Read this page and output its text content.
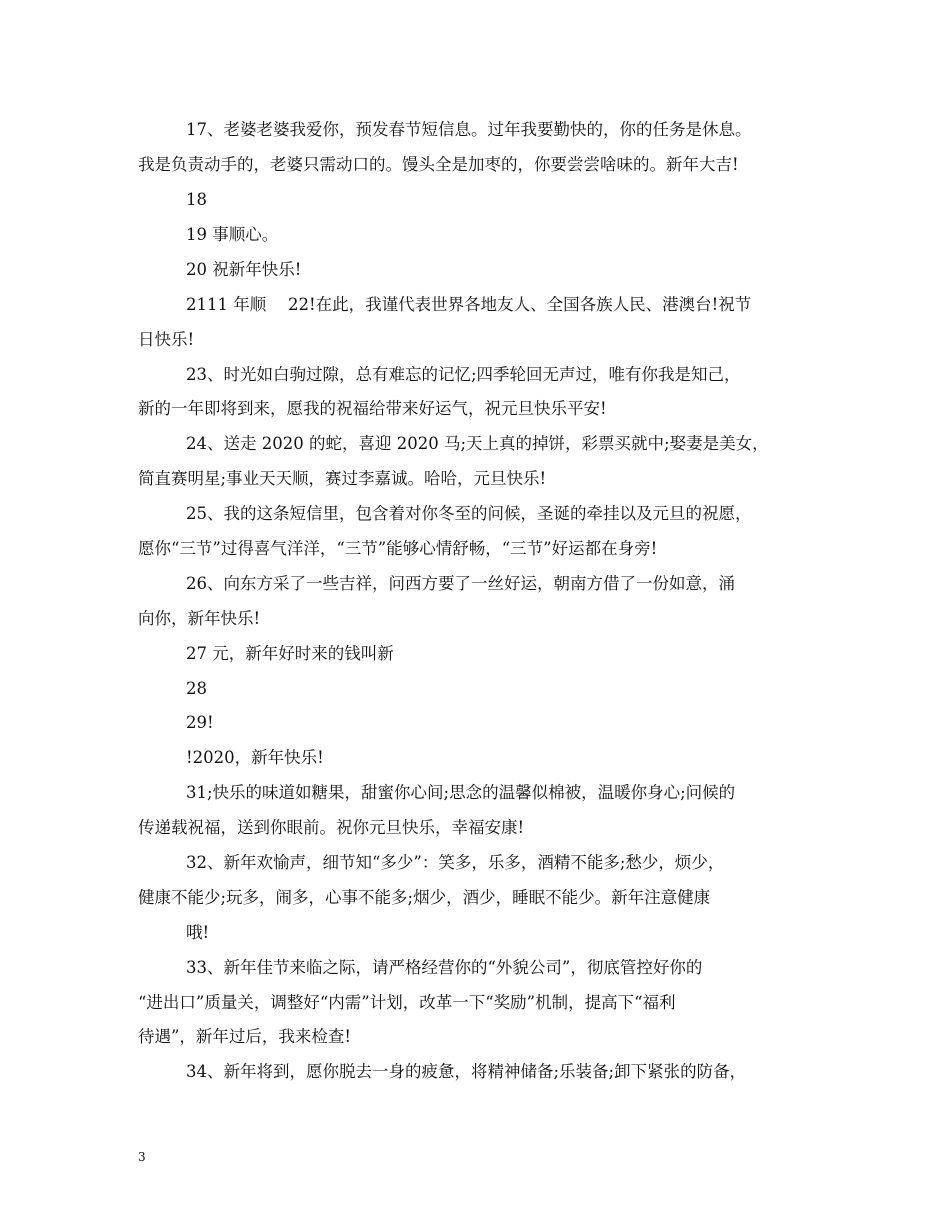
17、老婆老婆我爱你，预发春节短信息。过年我要勤快的，你的任务是休息。
我是负责动手的，老婆只需动口的。馒头全是加枣的，你要尝尝啥味的。新年大吉!
18
19 事顺心。
20 祝新年快乐!
2111 年顺　 22!在此，我谨代表世界各地友人、全国各族人民、港澳台!祝节
日快乐!
23、时光如白驹过隙，总有难忘的记忆;四季轮回无声过，唯有你我是知己，
新的一年即将到来，愿我的祝福给带来好运气，祝元旦快乐平安!
24、送走 2020 的蛇，喜迎 2020 马;天上真的掉饼，彩票买就中;娶妻是美女，
简直赛明星;事业天天顺，赛过李嘉诚。哈哈，元旦快乐!
25、我的这条短信里，包含着对你冬至的问候，圣诞的牵挂以及元旦的祝愿，
愿你“三节”过得喜气洋洋，“三节”能够心情舒畅，“三节”好运都在身旁!
26、向东方采了一些吉祥，问西方要了一丝好运，朝南方借了一份如意，涌
向你，新年快乐!
27 元，新年好时来的钱叫新
28
29!
!2020，新年快乐!
31;快乐的味道如糖果，甜蜜你心间;思念的温馨似棉被，温暖你身心;问候的
传递载祝福，送到你眼前。祝你元旦快乐，幸福安康!
32、新年欢愉声，细节知“多少”：笑多，乐多，酒精不能多;愁少，烦少，
健康不能少;玩多，闹多，心事不能多;烟少，酒少，睡眠不能少。新年注意健康
哦!
33、新年佳节来临之际，请严格经营你的“外貌公司”，彻底管控好你的
“进出口”质量关，调整好“内需”计划，改革一下“奖励”机制，提高下“福利
待遇”，新年过后，我来检查!
34、新年将到，愿你脱去一身的疲惫，将精神储备;乐装备;卸下紧张的防备，
3
